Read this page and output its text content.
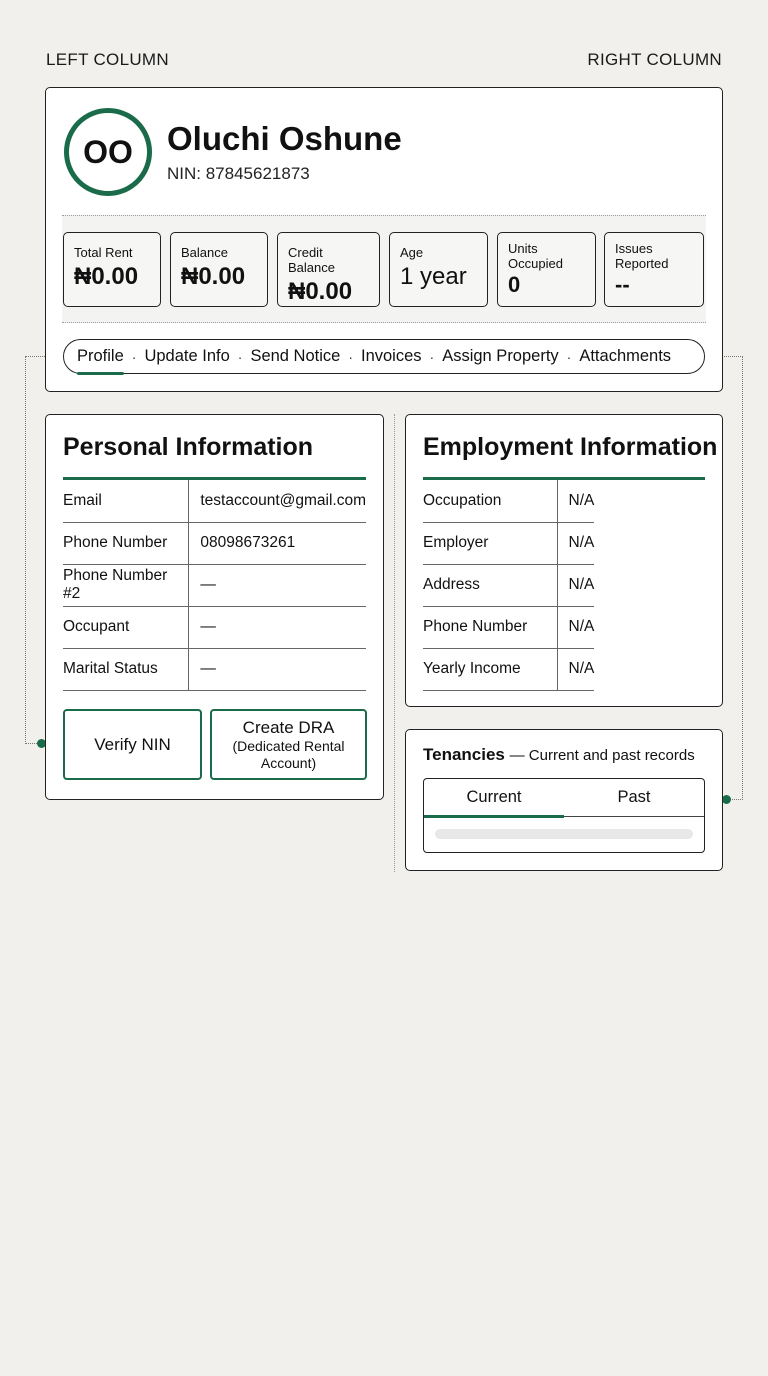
LEFT COLUMN	RIGHT COLUMN
OO	Oluchi Oshune
NIN: 87845621873
Total Rent
₦0.00
Balance
₦0.00
Credit Balance
₦0.00
Age
1 year
Units Occupied
0
Issues Reported
--
Profile · Update Info · Send Notice · Invoices · Assign Property · Attachments
Personal Information
Email	testaccount@gmail.com
Phone Number	08098673261
Phone Number #2	—
Occupant	—
Marital Status	—
Verify NIN
Create DRA
(Dedicated Rental Account)
Employment Information
Occupation	N/A
Employer	N/A
Address	N/A
Phone Number	N/A
Yearly Income	N/A
Tenancies — Current and past records
Current	Past
